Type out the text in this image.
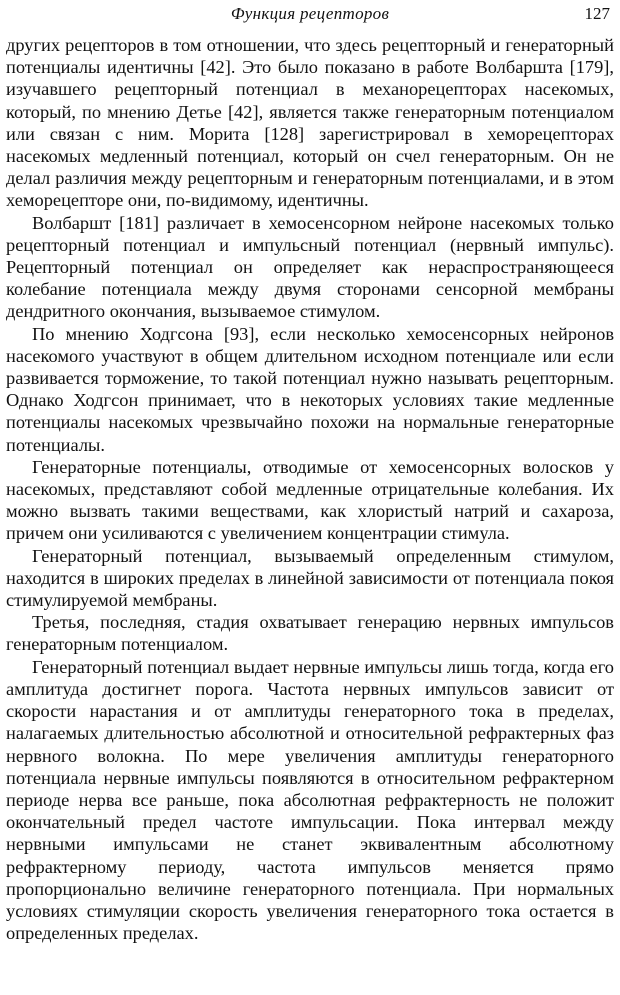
Функция рецепторов	127

других рецепторов в том отношении, что здесь рецепторный и генераторный потенциалы идентичны [42]. Это было показано в работе Волбарштa [179], изучавшего рецепторный потенциал в механорецепторах насекомых, который, по мнению Детье [42], является также генераторным потенциалом или связан с ним. Морита [128] зарегистрировал в хеморецепторах насекомых медленный потенциал, который он счел генераторным. Он не делал различия между рецепторным и генераторным потенциалами, и в этом хеморецепторе они, по-видимому, идентичны.

Волбаршт [181] различает в хемосенсорном нейроне насекомых только рецепторный потенциал и импульсный потенциал (нервный импульс). Рецепторный потенциал он определяет как нераспространяющееся колебание потенциала между двумя сторонами сенсорной мембраны дендритного окончания, вызываемое стимулом.

По мнению Ходгсона [93], если несколько хемосенсорных нейронов насекомого участвуют в общем длительном исходном потенциале или если развивается торможение, то такой потенциал нужно называть рецепторным. Однако Ходгсон принимает, что в некоторых условиях такие медленные потенциалы насекомых чрезвычайно похожи на нормальные генераторные потенциалы.

Генераторные потенциалы, отводимые от хемосенсорных волосков у насекомых, представляют собой медленные отрицательные колебания. Их можно вызвать такими веществами, как хлористый натрий и сахароза, причем они усиливаются с увеличением концентрации стимула.

Генераторный потенциал, вызываемый определенным стимулом, находится в широких пределах в линейной зависимости от потенциала покоя стимулируемой мембраны.

Третья, последняя, стадия охватывает генерацию нервных импульсов генераторным потенциалом.

Генераторный потенциал выдает нервные импульсы лишь тогда, когда его амплитуда достигнет порога. Частота нервных импульсов зависит от скорости нарастания и от амплитуды генераторного тока в пределах, налагаемых длительностью абсолютной и относительной рефрактерных фаз нервного волокна. По мере увеличения амплитуды генераторного потенциала нервные импульсы появляются в относительном рефрактерном периоде нерва все раньше, пока абсолютная рефрактерность не положит окончательный предел частоте импульсации. Пока интервал между нервными импульсами не станет эквивалентным абсолютному рефрактерному периоду, частота импульсов меняется прямо пропорционально величине генераторного потенциала. При нормальных условиях стимуляции скорость увеличения генераторного тока остается в определенных пределах.
